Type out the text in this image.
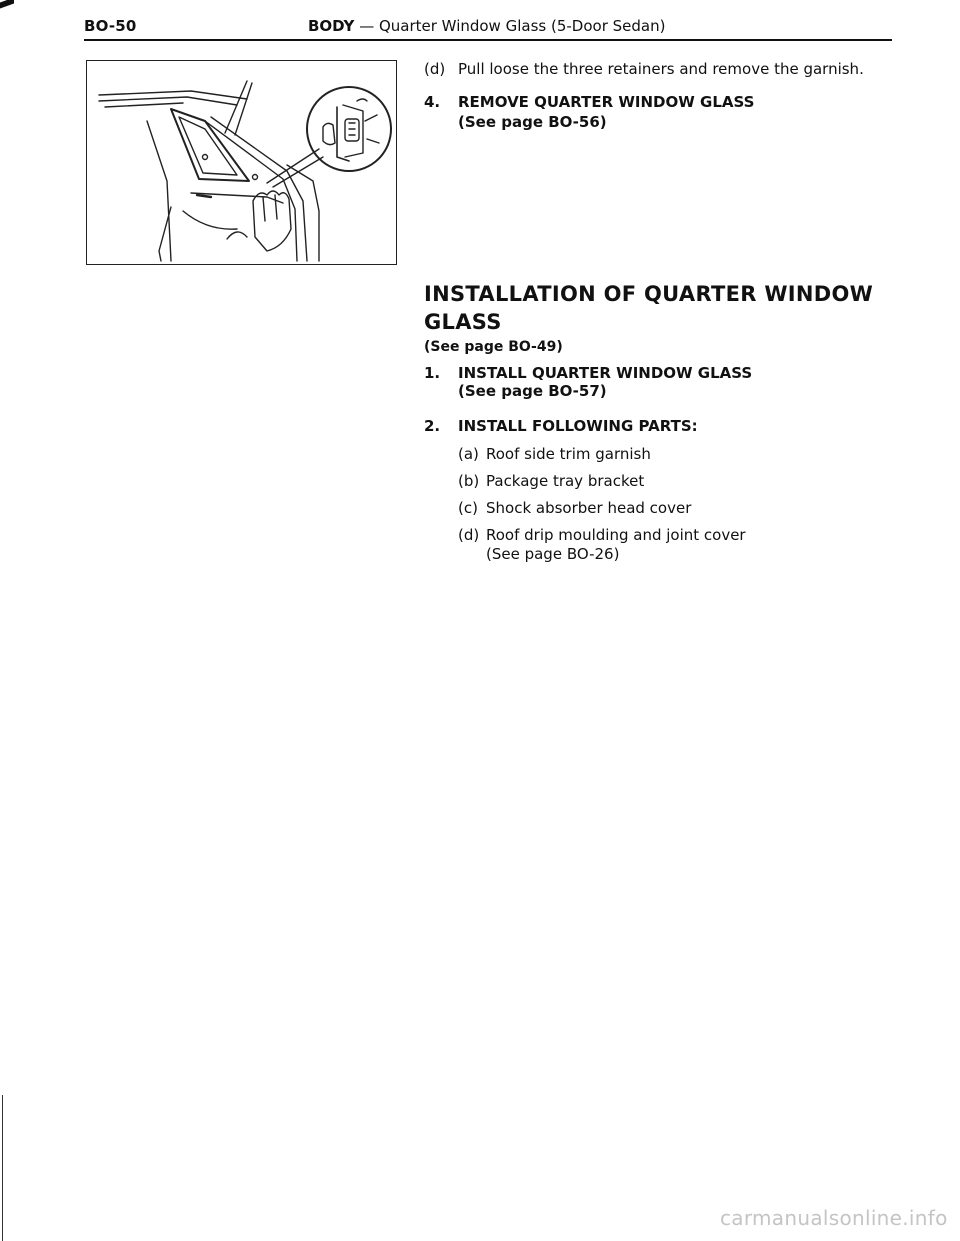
BO-50	BODY — Quarter Window Glass (5-Door Sedan)
(d) Pull loose the three retainers and remove the garnish.
4. REMOVE QUARTER WINDOW GLASS
(See page BO-56)
INSTALLATION OF QUARTER WINDOW
GLASS
(See page BO-49)
1. INSTALL QUARTER WINDOW GLASS
(See page BO-57)
2. INSTALL FOLLOWING PARTS:
(a) Roof side trim garnish
(b) Package tray bracket
(c) Shock absorber head cover
(d) Roof drip moulding and joint cover
(See page BO-26)
carmanualsonline.info
